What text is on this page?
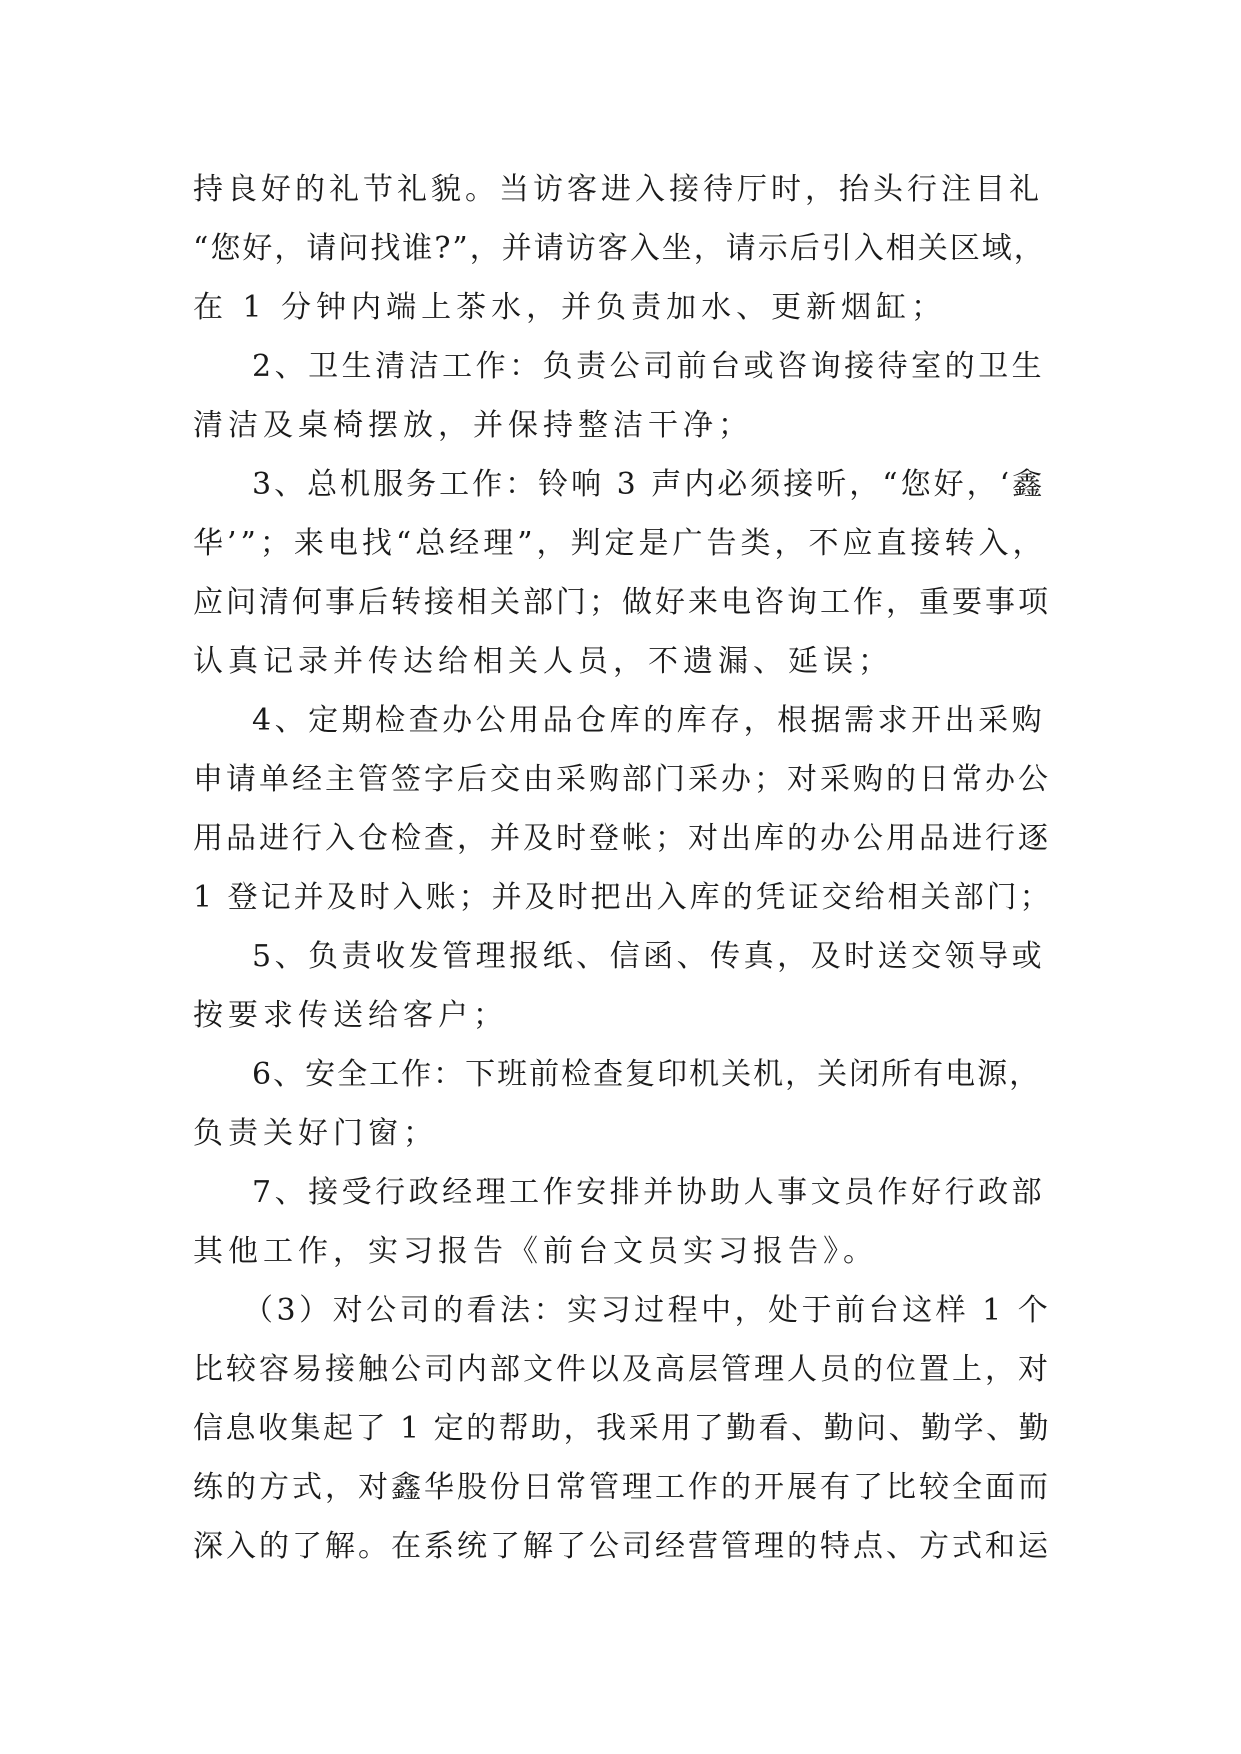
持良好的礼节礼貌。当访客进入接待厅时，抬头行注目礼
“您好，请问找谁?”，并请访客入坐，请示后引入相关区域，
在 1 分钟内端上茶水，并负责加水、更新烟缸；
2、卫生清洁工作：负责公司前台或咨询接待室的卫生
清洁及桌椅摆放，并保持整洁干净；
3、总机服务工作：铃响 3 声内必须接听，“您好，‘鑫
华’”；来电找“总经理”，判定是广告类，不应直接转入，
应问清何事后转接相关部门；做好来电咨询工作，重要事项
认真记录并传达给相关人员，不遗漏、延误；
4、定期检查办公用品仓库的库存，根据需求开出采购
申请单经主管签字后交由采购部门采办；对采购的日常办公
用品进行入仓检查，并及时登帐；对出库的办公用品进行逐
1 登记并及时入账；并及时把出入库的凭证交给相关部门；
5、负责收发管理报纸、信函、传真，及时送交领导或
按要求传送给客户；
6、安全工作：下班前检查复印机关机，关闭所有电源，
负责关好门窗；
7、接受行政经理工作安排并协助人事文员作好行政部
其他工作，实习报告《前台文员实习报告》。
（3）对公司的看法：实习过程中，处于前台这样 1 个
比较容易接触公司内部文件以及高层管理人员的位置上，对
信息收集起了 1 定的帮助，我采用了勤看、勤问、勤学、勤
练的方式，对鑫华股份日常管理工作的开展有了比较全面而
深入的了解。在系统了解了公司经营管理的特点、方式和运
